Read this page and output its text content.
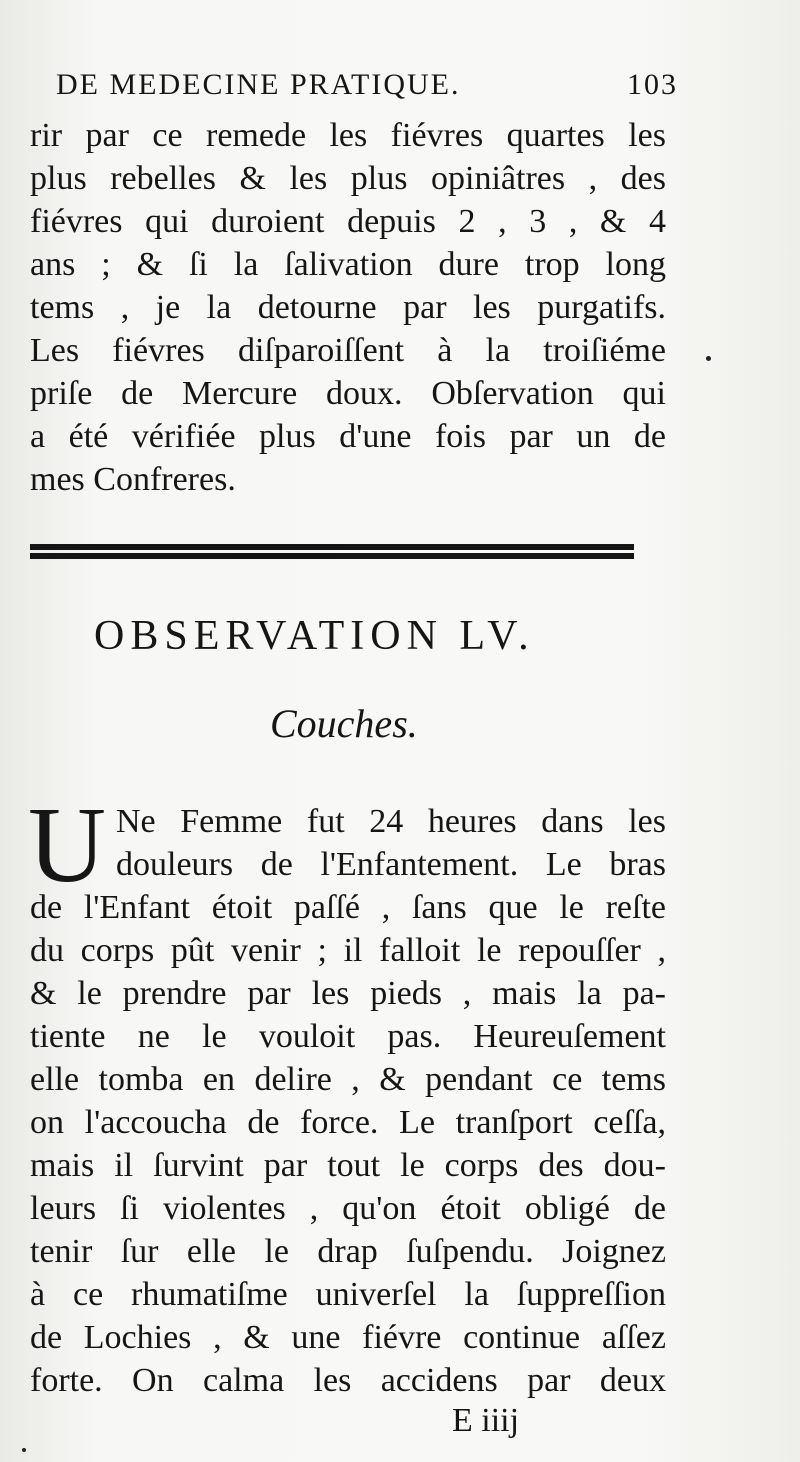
DE MEDECINE PRATIQUE.	103
rir par ce remede les fiévres quartes les
plus rebelles & les plus opiniâtres , des
fiévres qui duroient depuis 2 , 3 , & 4
ans ; & ſi la ſalivation dure trop long
tems , je la detourne par les purgatifs.
Les fiévres diſparoiſſent à la troiſiéme
priſe de Mercure doux. Obſervation qui
a été vérifiée plus d'une fois par un de
mes Confreres.
OBSERVATION LV.
Couches.
U Ne Femme fut 24 heures dans les
douleurs de l'Enfantement. Le bras
de l'Enfant étoit paſſé , ſans que le reſte
du corps pût venir ; il falloit le repouſſer ,
& le prendre par les pieds , mais la pa-
tiente ne le vouloit pas. Heureuſement
elle tomba en delire , & pendant ce tems
on l'accoucha de force. Le tranſport ceſſa,
mais il ſurvint par tout le corps des dou-
leurs ſi violentes , qu'on étoit obligé de
tenir ſur elle le drap ſuſpendu. Joignez
à ce rhumatiſme univerſel la ſuppreſſion
de Lochies , & une fiévre continue aſſez
forte. On calma les accidens par deux
E iiij
